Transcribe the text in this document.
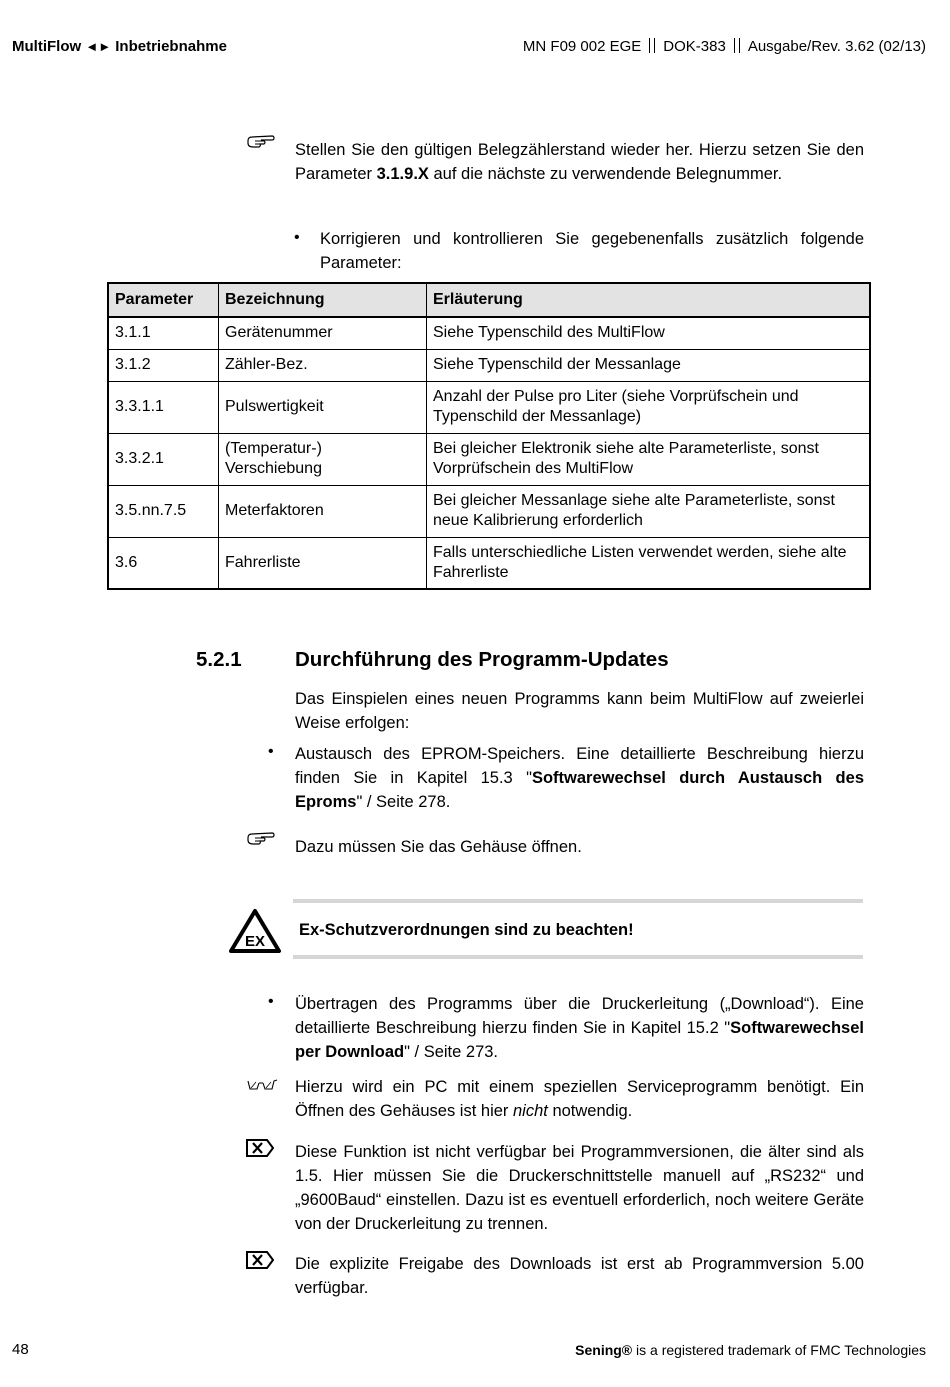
MultiFlow ◄► Inbetriebnahme	MN F09 002 EGE DOK-383 Ausgabe/Rev. 3.62 (02/13)
Stellen Sie den gültigen Belegzählerstand wieder her. Hierzu setzen Sie den Parameter 3.1.9.X auf die nächste zu verwendende Belegnummer.
• Korrigieren und kontrollieren Sie gegebenenfalls zusätzlich folgende Parameter:
Parameter	Bezeichnung	Erläuterung
3.1.1	Gerätenummer	Siehe Typenschild des MultiFlow
3.1.2	Zähler-Bez.	Siehe Typenschild der Messanlage
3.3.1.1	Pulswertigkeit	Anzahl der Pulse pro Liter (siehe Vorprüfschein und Typenschild der Messanlage)
3.3.2.1	(Temperatur-) Verschiebung	Bei gleicher Elektronik siehe alte Parameterliste, sonst Vorprüfschein des MultiFlow
3.5.nn.7.5	Meterfaktoren	Bei gleicher Messanlage siehe alte Parameterliste, sonst neue Kalibrierung erforderlich
3.6	Fahrerliste	Falls unterschiedliche Listen verwendet werden, siehe alte Fahrerliste
5.2.1	Durchführung des Programm-Updates
Das Einspielen eines neuen Programms kann beim MultiFlow auf zweierlei Weise erfolgen:
• Austausch des EPROM-Speichers. Eine detaillierte Beschreibung hierzu finden Sie in Kapitel 15.3 "Softwarewechsel durch Austausch des Eproms" / Seite 278.
Dazu müssen Sie das Gehäuse öffnen.
EX
Ex-Schutzverordnungen sind zu beachten!
• Übertragen des Programms über die Druckerleitung („Download“). Eine detaillierte Beschreibung hierzu finden Sie in Kapitel 15.2 "Softwarewechsel per Download" / Seite 273.
Hierzu wird ein PC mit einem speziellen Serviceprogramm benötigt. Ein Öffnen des Gehäuses ist hier nicht notwendig.
Diese Funktion ist nicht verfügbar bei Programmversionen, die älter sind als 1.5. Hier müssen Sie die Druckerschnittstelle manuell auf „RS232“ und „9600Baud“ einstellen. Dazu ist es eventuell erforderlich, noch weitere Geräte von der Druckerleitung zu trennen.
Die explizite Freigabe des Downloads ist erst ab Programmversion 5.00 verfügbar.
48	Sening® is a registered trademark of FMC Technologies
